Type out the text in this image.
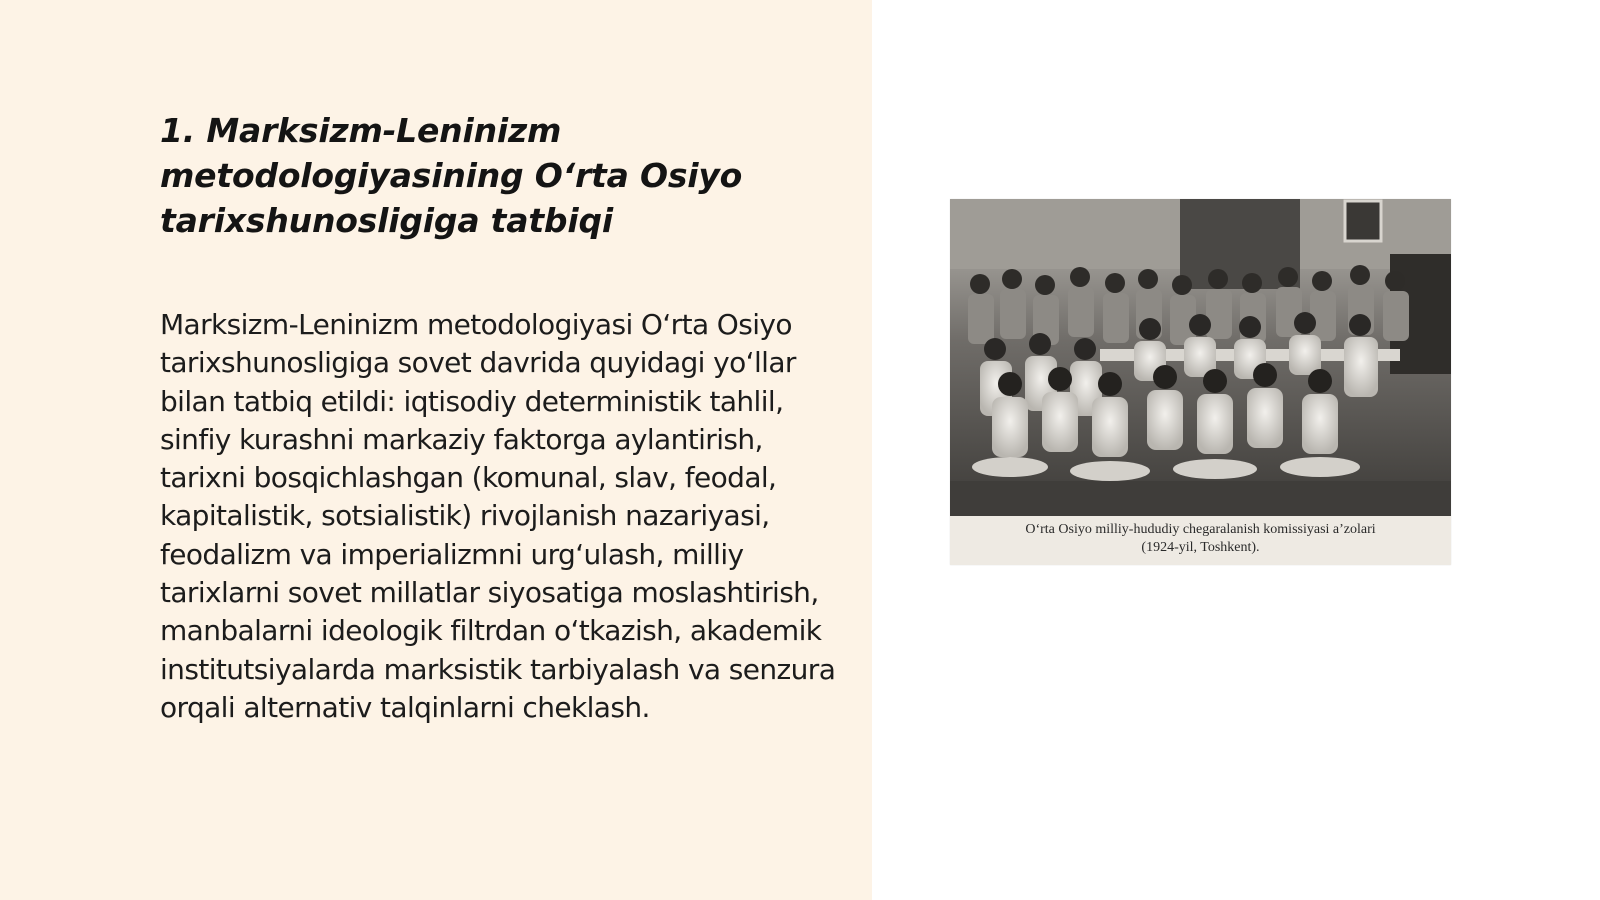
1. Marksizm-Leninizm metodologiyasining O‘rta Osiyo tarixshunosligiga tatbiqi

Marksizm-Leninizm metodologiyasi O‘rta Osiyo tarixshunosligiga sovet davrida quyidagi yo‘llar bilan tatbiq etildi: iqtisodiy deterministik tahlil, sinfiy kurashni markaziy faktorga aylantirish, tarixni bosqichlashgan (komunal, slav, feodal, kapitalistik, sotsialistik) rivojlanish nazariyasi, feodalizm va imperializmni urg‘ulash, milliy tarixlarni sovet millatlar siyosatiga moslashtirish, manbalarni ideologik filtrdan o‘tkazish, akademik institutsiyalarda marksistik tarbiyalash va senzura orqali alternativ talqinlarni cheklash.

O‘rta Osiyo milliy-hududiy chegaralanish komissiyasi a’zolari
(1924-yil, Toshkent).
